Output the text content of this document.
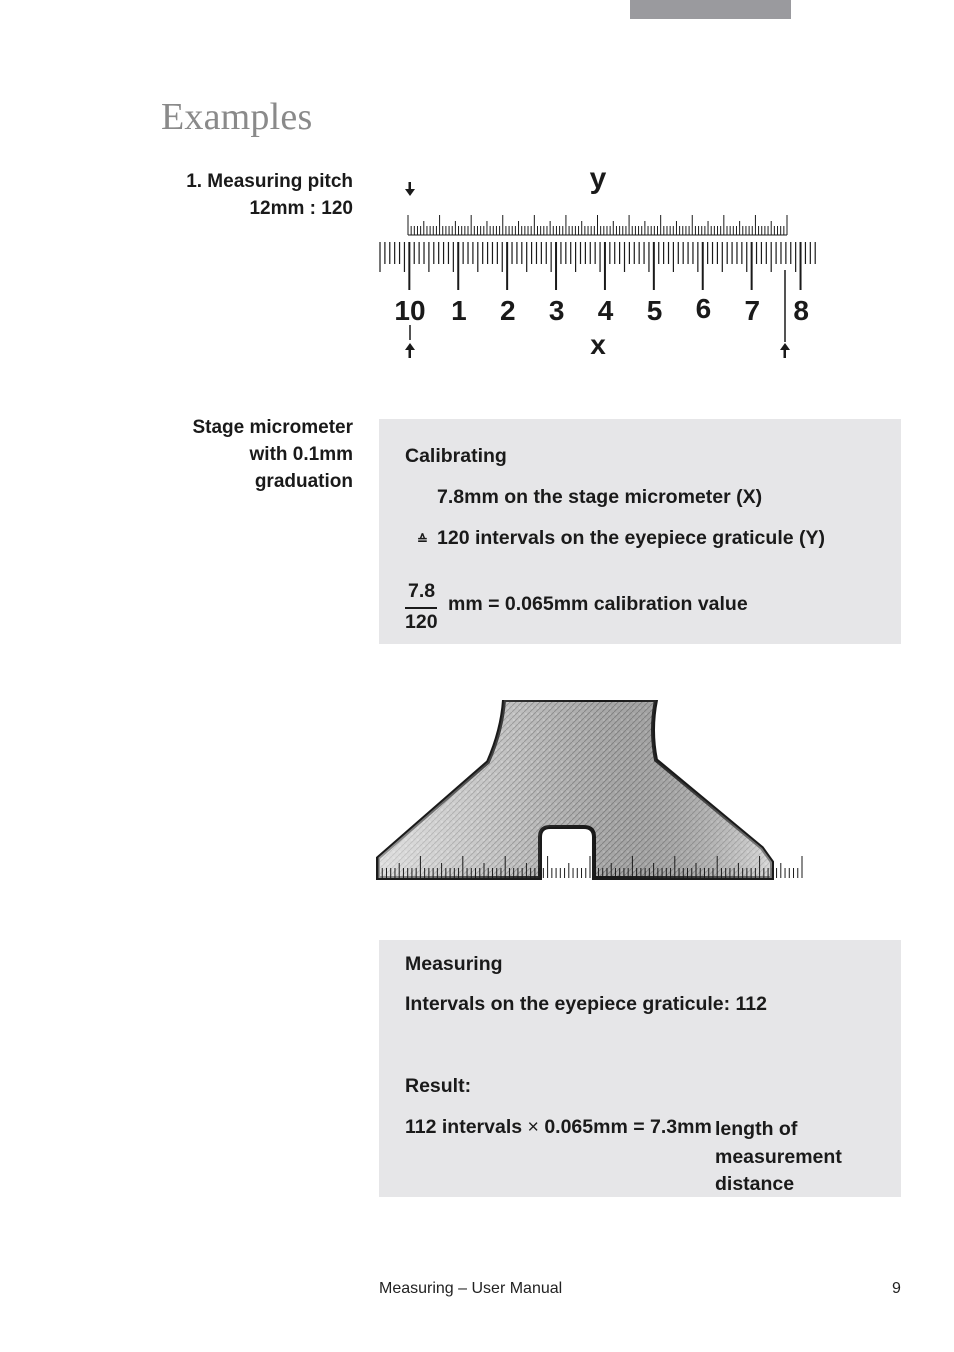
Examples
1. Measuring pitch
12mm : 120
y
x
10 1 2 3 4 5 6 7 8
Stage micrometer
with 0.1mm
graduation
Calibrating
7.8mm on the stage micrometer (X)
≙ 120 intervals on the eyepiece graticule (Y)
7.8
120
mm = 0.065mm calibration value
Measuring
Intervals on the eyepiece graticule: 112
Result:
112 intervals × 0.065mm = 7.3mm length of
measurement
distance
Measuring – User Manual	9
